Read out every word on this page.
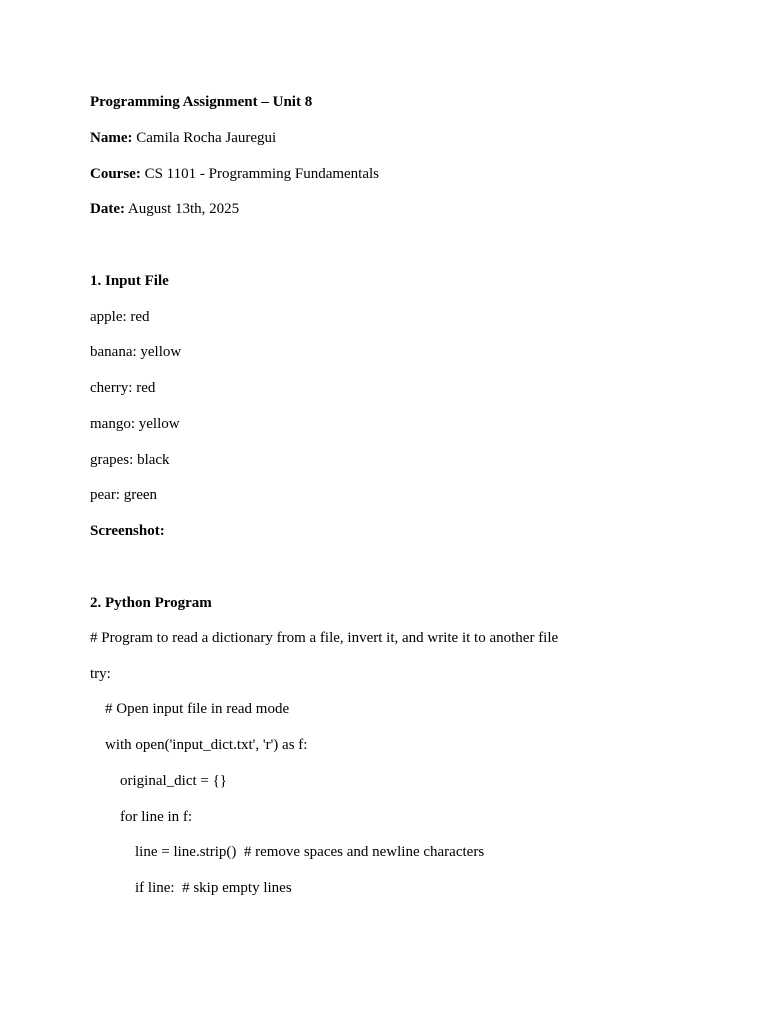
Programming Assignment – Unit 8
Name: Camila Rocha Jauregui
Course: CS 1101 - Programming Fundamentals
Date: August 13th, 2025
1. Input File
apple: red
banana: yellow
cherry: red
mango: yellow
grapes: black
pear: green
Screenshot:
2. Python Program
# Program to read a dictionary from a file, invert it, and write it to another file
try:
# Open input file in read mode
with open('input_dict.txt', 'r') as f:
original_dict = {}
for line in f:
line = line.strip()  # remove spaces and newline characters
if line:  # skip empty lines
